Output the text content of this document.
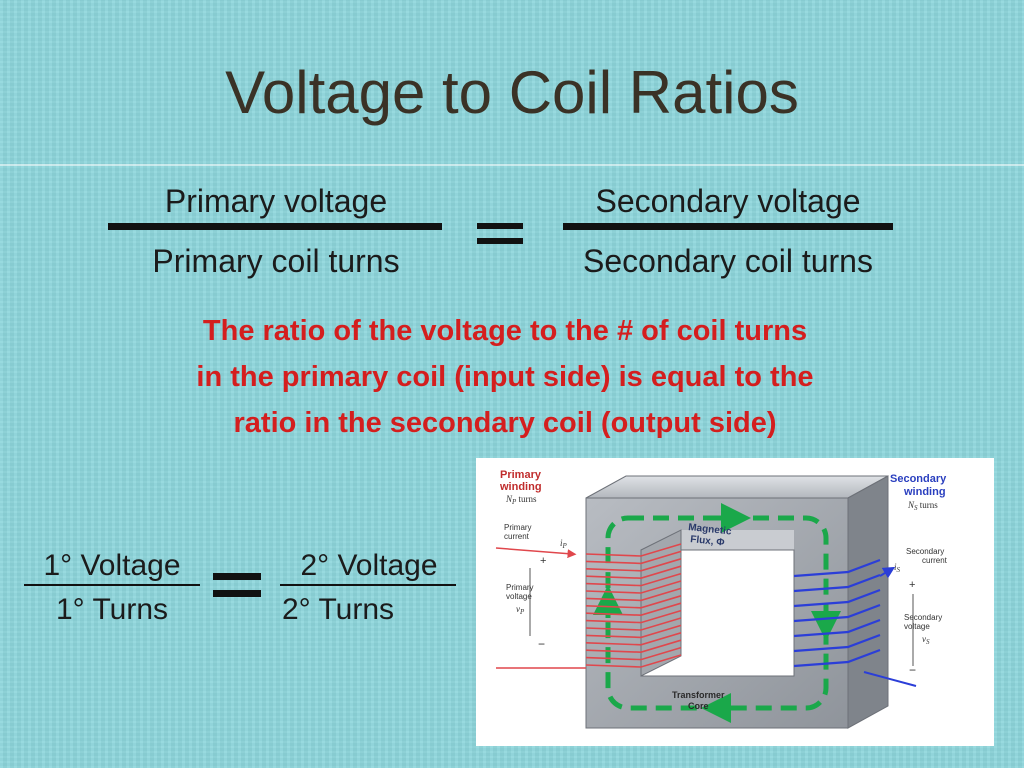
Voltage to Coil Ratios
Primary voltage
Primary coil turns
Secondary voltage
Secondary coil turns
The ratio of the voltage to the # of coil turns
in the primary coil (input side) is equal to the
ratio in the secondary coil (output side)
1° Voltage
1° Turns
2° Voltage
2° Turns
Primary
winding
$N_P$ turns
Primary
current
$i_P$
+
Primary
voltage
$v_P$
−
Secondary
winding
$N_S$ turns
Secondary
current
$i_S$
+
Secondary
voltage
$v_S$
−
Magnetic
Flux, Φ
Transformer
Core
